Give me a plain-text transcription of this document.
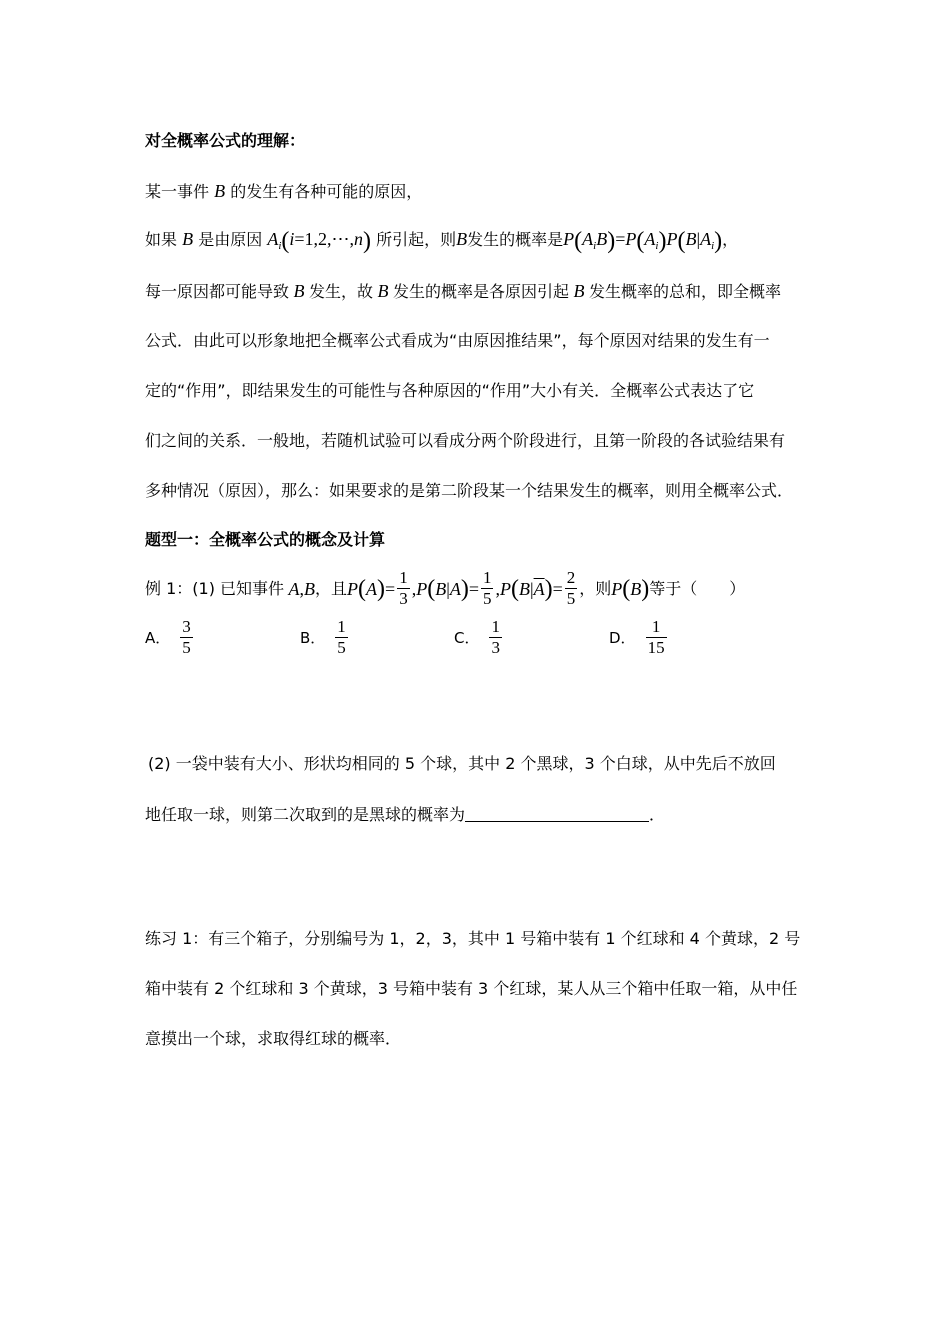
对全概率公式的理解：
某一事件 B 的发生有各种可能的原因，
如果 B 是由原因 $A_i(i=1,2,\cdots,n)$ 所引起，则B发生的概率是$P(A_iB)=P(A_i)P(B|A_i)$，
每一原因都可能导致 B 发生，故 B 发生的概率是各原因引起 B 发生概率的总和，即全概率
公式．由此可以形象地把全概率公式看成为“由原因推结果”，每个原因对结果的发生有一
定的“作用”，即结果发生的可能性与各种原因的“作用”大小有关．全概率公式表达了它
们之间的关系．一般地，若随机试验可以看成分两个阶段进行，且第一阶段的各试验结果有
多种情况（原因），那么：如果要求的是第二阶段某一个结果发生的概率，则用全概率公式．
题型一：全概率公式的概念及计算
例 1：(1) 已知事件 A , B ，且 P ( A ) = $\frac{1}{3}$ , P ( B | A ) = $\frac{1}{5}$ , P ( B | $\overline{A}$ ) = $\frac{2}{5}$ ，则 P ( B ) 等于（　　）
A． $\frac{3}{5}$	B． $\frac{1}{5}$	C． $\frac{1}{3}$	D． $\frac{1}{15}$
(2) 一袋中装有大小、形状均相同的 5 个球，其中 2 个黑球，3 个白球，从中先后不放回
地任取一球，则第二次取到的是黑球的概率为	．
练习 1：有三个箱子，分别编号为 1，2，3，其中 1 号箱中装有 1 个红球和 4 个黄球，2 号
箱中装有 2 个红球和 3 个黄球，3 号箱中装有 3 个红球，某人从三个箱中任取一箱，从中任
意摸出一个球，求取得红球的概率．
